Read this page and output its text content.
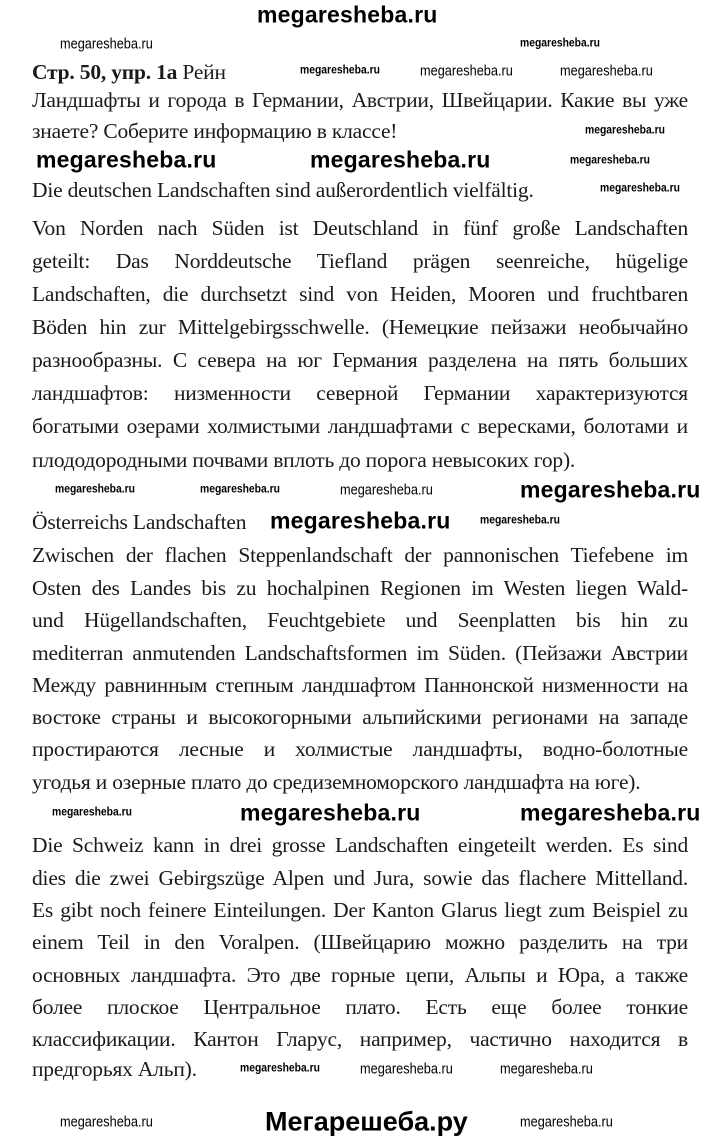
megaresheba.ru
megaresheba.ru	megaresheba.ru
megaresheba.ru	megaresheba.ru	megaresheba.ru
megaresheba.ru
megaresheba.ru	megaresheba.ru	megaresheba.ru
megaresheba.ru
megaresheba.ru	megaresheba.ru	megaresheba.ru	megaresheba.ru
megaresheba.ru	megaresheba.ru
megaresheba.ru	megaresheba.ru	megaresheba.ru
megaresheba.ru	megaresheba.ru	megaresheba.ru
megaresheba.ru	megaresheba.ru
Мегарешеба.ру
Стр. 50, упр. 1а Рейн
Ландшафты и города в Германии, Австрии, Швейцарии. Какие вы уже
знаете? Соберите информацию в классе!
Die deutschen Landschaften sind außerordentlich vielfältig.
Von Norden nach Süden ist Deutschland in fünf große Landschaften
geteilt: Das Norddeutsche Tiefland prägen seenreiche, hügelige
Landschaften, die durchsetzt sind von Heiden, Mooren und fruchtbaren
Böden hin zur Mittelgebirgsschwelle. (Немецкие пейзажи необычайно
разнообразны. С севера на юг Германия разделена на пять больших
ландшафтов: низменности северной Германии характеризуются
богатыми озерами холмистыми ландшафтами с вересками, болотами и
плододородными почвами вплоть до порога невысоких гор).
Österreichs Landschaften
Zwischen der flachen Steppenlandschaft der pannonischen Tiefebene im
Osten des Landes bis zu hochalpinen Regionen im Westen liegen Wald-
und Hügellandschaften, Feuchtgebiete und Seenplatten bis hin zu
mediterran anmutenden Landschaftsformen im Süden. (Пейзажи Австрии
Между равнинным степным ландшафтом Паннонской низменности на
востоке страны и высокогорными альпийскими регионами на западе
простираются лесные и холмистые ландшафты, водно-болотные
угодья и озерные плато до средиземноморского ландшафта на юге).
Die Schweiz kann in drei grosse Landschaften eingeteilt werden. Es sind
dies die zwei Gebirgszüge Alpen und Jura, sowie das flachere Mittelland.
Es gibt noch feinere Einteilungen. Der Kanton Glarus liegt zum Beispiel zu
einem Teil in den Voralpen. (Швейцарию можно разделить на три
основных ландшафта. Это две горные цепи, Альпы и Юра, а также
более плоское Центральное плато. Есть еще более тонкие
классификации. Кантон Гларус, например, частично находится в
предгорьях Альп).
